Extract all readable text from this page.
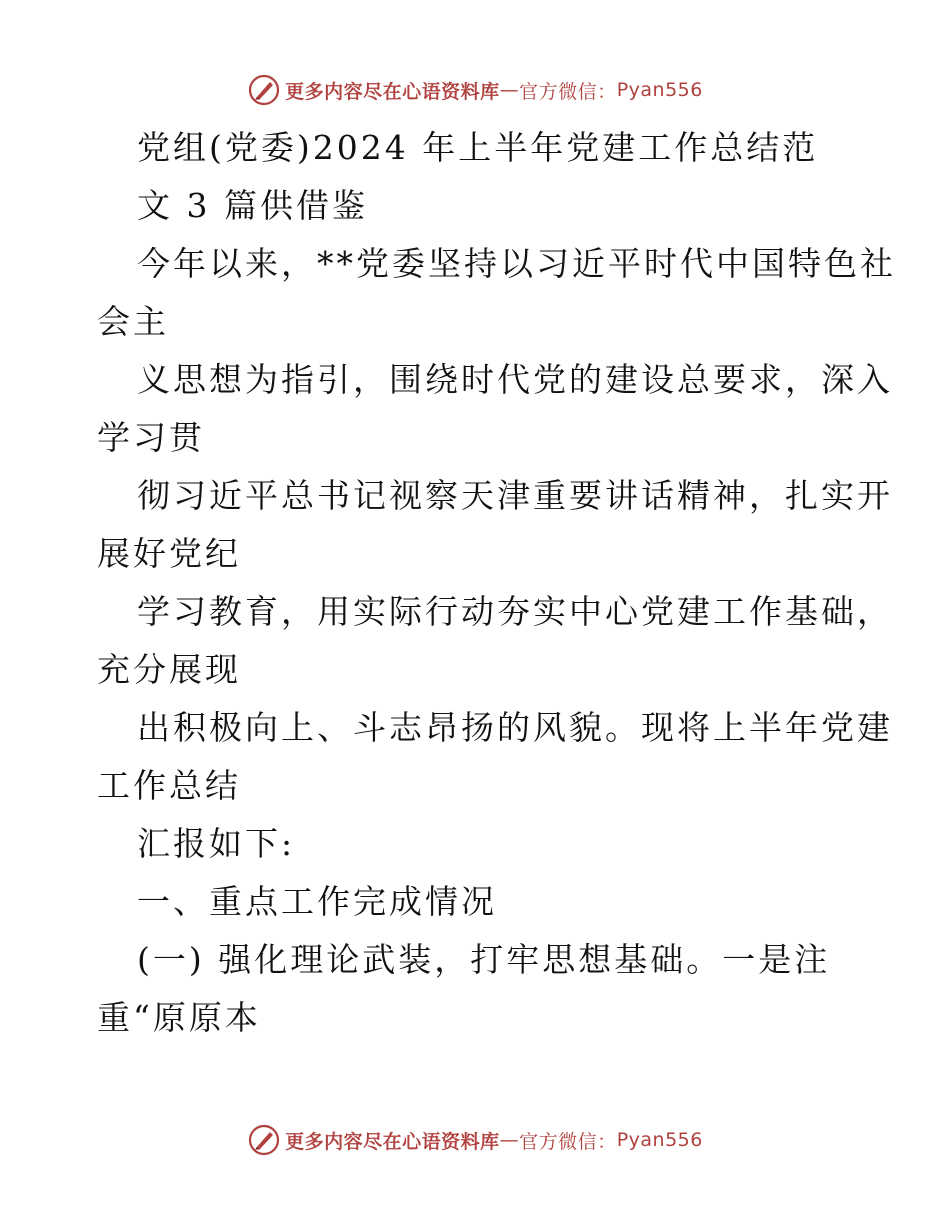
更多内容尽在心语资料库 — 官方微信： Pyan556
党组(党委)2024 年上半年党建工作总结范
文 3 篇供借鉴
今年以来，**党委坚持以习近平时代中国特色社
会主
义思想为指引，围绕时代党的建设总要求，深入
学习贯
彻习近平总书记视察天津重要讲话精神，扎实开
展好党纪
学习教育，用实际行动夯实中心党建工作基础，
充分展现
出积极向上、斗志昂扬的风貌。现将上半年党建
工作总结
汇报如下:
一、重点工作完成情况
(一) 强化理论武装，打牢思想基础。一是注
重“原原本
更多内容尽在心语资料库 — 官方微信： Pyan556
